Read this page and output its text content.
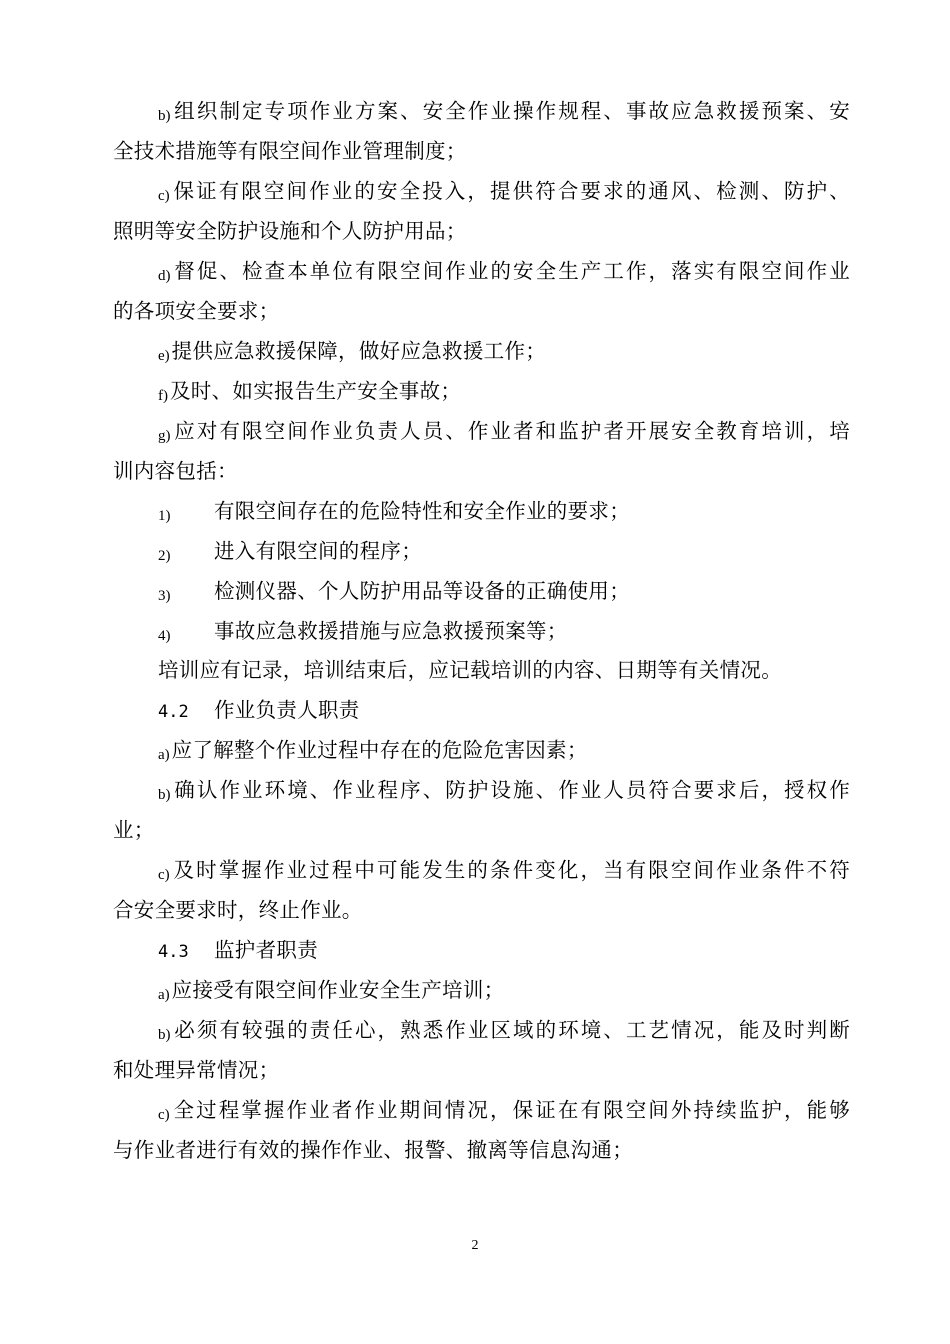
b)组织制定专项作业方案、安全作业操作规程、事故应急救援预案、安
全技术措施等有限空间作业管理制度；
c)保证有限空间作业的安全投入，提供符合要求的通风、检测、防护、
照明等安全防护设施和个人防护用品；
d)督促、检查本单位有限空间作业的安全生产工作，落实有限空间作业
的各项安全要求；
e)提供应急救援保障，做好应急救援工作；
f)及时、如实报告生产安全事故；
g)应对有限空间作业负责人员、作业者和监护者开展安全教育培训，培
训内容包括：
1) 有限空间存在的危险特性和安全作业的要求；
2) 进入有限空间的程序；
3) 检测仪器、个人防护用品等设备的正确使用；
4) 事故应急救援措施与应急救援预案等；
培训应有记录，培训结束后，应记载培训的内容、日期等有关情况。
4.2 作业负责人职责
a)应了解整个作业过程中存在的危险危害因素；
b)确认作业环境、作业程序、防护设施、作业人员符合要求后，授权作
业；
c)及时掌握作业过程中可能发生的条件变化，当有限空间作业条件不符
合安全要求时，终止作业。
4.3 监护者职责
a)应接受有限空间作业安全生产培训；
b)必须有较强的责任心，熟悉作业区域的环境、工艺情况，能及时判断
和处理异常情况；
c)全过程掌握作业者作业期间情况，保证在有限空间外持续监护，能够
与作业者进行有效的操作作业、报警、撤离等信息沟通；
2
